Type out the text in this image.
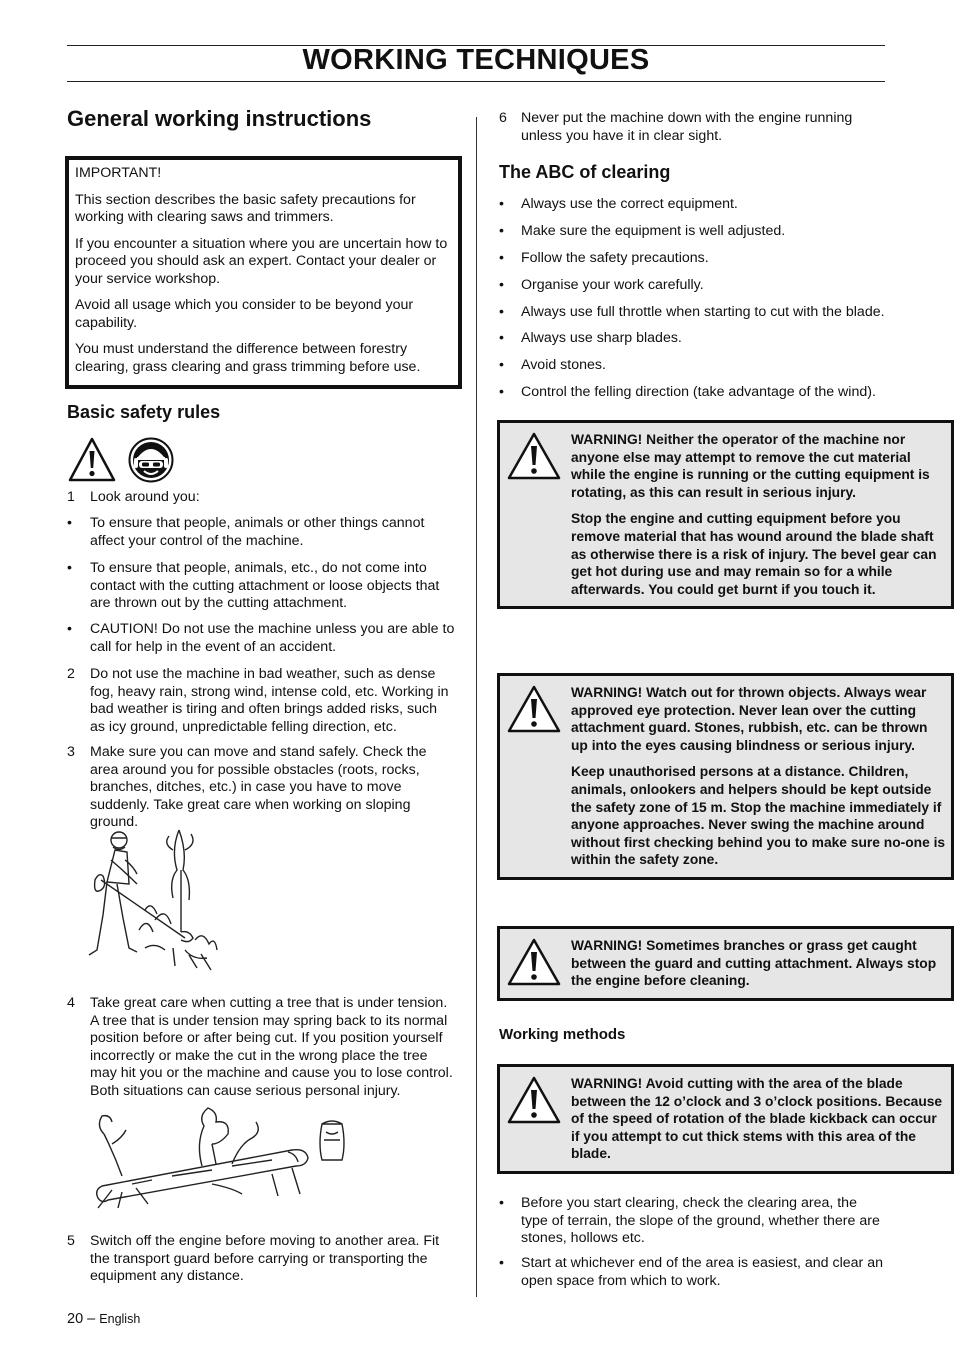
WORKING TECHNIQUES
General working instructions

IMPORTANT!

This section describes the basic safety precautions for working with clearing saws and trimmers.

If you encounter a situation where you are uncertain how to proceed you should ask an expert. Contact your dealer or your service workshop.

Avoid all usage which you consider to be beyond your capability.

You must understand the difference between forestry clearing, grass clearing and grass trimming before use.

Basic safety rules
1 Look around you:

• To ensure that people, animals or other things cannot affect your control of the machine.

• To ensure that people, animals, etc., do not come into contact with the cutting attachment or loose objects that are thrown out by the cutting attachment.

• CAUTION! Do not use the machine unless you are able to call for help in the event of an accident.

2 Do not use the machine in bad weather, such as dense fog, heavy rain, strong wind, intense cold, etc. Working in bad weather is tiring and often brings added risks, such as icy ground, unpredictable felling direction, etc.

3 Make sure you can move and stand safely. Check the area around you for possible obstacles (roots, rocks, branches, ditches, etc.) in case you have to move suddenly. Take great care when working on sloping ground.

4 Take great care when cutting a tree that is under tension. A tree that is under tension may spring back to its normal position before or after being cut. If you position yourself incorrectly or make the cut in the wrong place the tree may hit you or the machine and cause you to lose control. Both situations can cause serious personal injury.

5 Switch off the engine before moving to another area. Fit the transport guard before carrying or transporting the equipment any distance.

6 Never put the machine down with the engine running unless you have it in clear sight.

The ABC of clearing
• Always use the correct equipment.

• Make sure the equipment is well adjusted.

• Follow the safety precautions.

• Organise your work carefully.

• Always use full throttle when starting to cut with the blade.

• Always use sharp blades.

• Avoid stones.

• Control the felling direction (take advantage of the wind).

WARNING! Neither the operator of the machine nor anyone else may attempt to remove the cut material while the engine is running or the cutting equipment is rotating, as this can result in serious injury.

Stop the engine and cutting equipment before you remove material that has wound around the blade shaft as otherwise there is a risk of injury. The bevel gear can get hot during use and may remain so for a while afterwards. You could get burnt if you touch it.

WARNING! Watch out for thrown objects. Always wear approved eye protection. Never lean over the cutting attachment guard. Stones, rubbish, etc. can be thrown up into the eyes causing blindness or serious injury.

Keep unauthorised persons at a distance. Children, animals, onlookers and helpers should be kept outside the safety zone of 15 m. Stop the machine immediately if anyone approaches. Never swing the machine around without first checking behind you to make sure no-one is within the safety zone.

WARNING! Sometimes branches or grass get caught between the guard and cutting attachment. Always stop the engine before cleaning.

Working methods

WARNING! Avoid cutting with the area of the blade between the 12 o’clock and 3 o’clock positions. Because of the speed of rotation of the blade kickback can occur if you attempt to cut thick stems with this area of the blade.

• Before you start clearing, check the clearing area, the type of terrain, the slope of the ground, whether there are stones, hollows etc.

• Start at whichever end of the area is easiest, and clear an open space from which to work.

20 – English
